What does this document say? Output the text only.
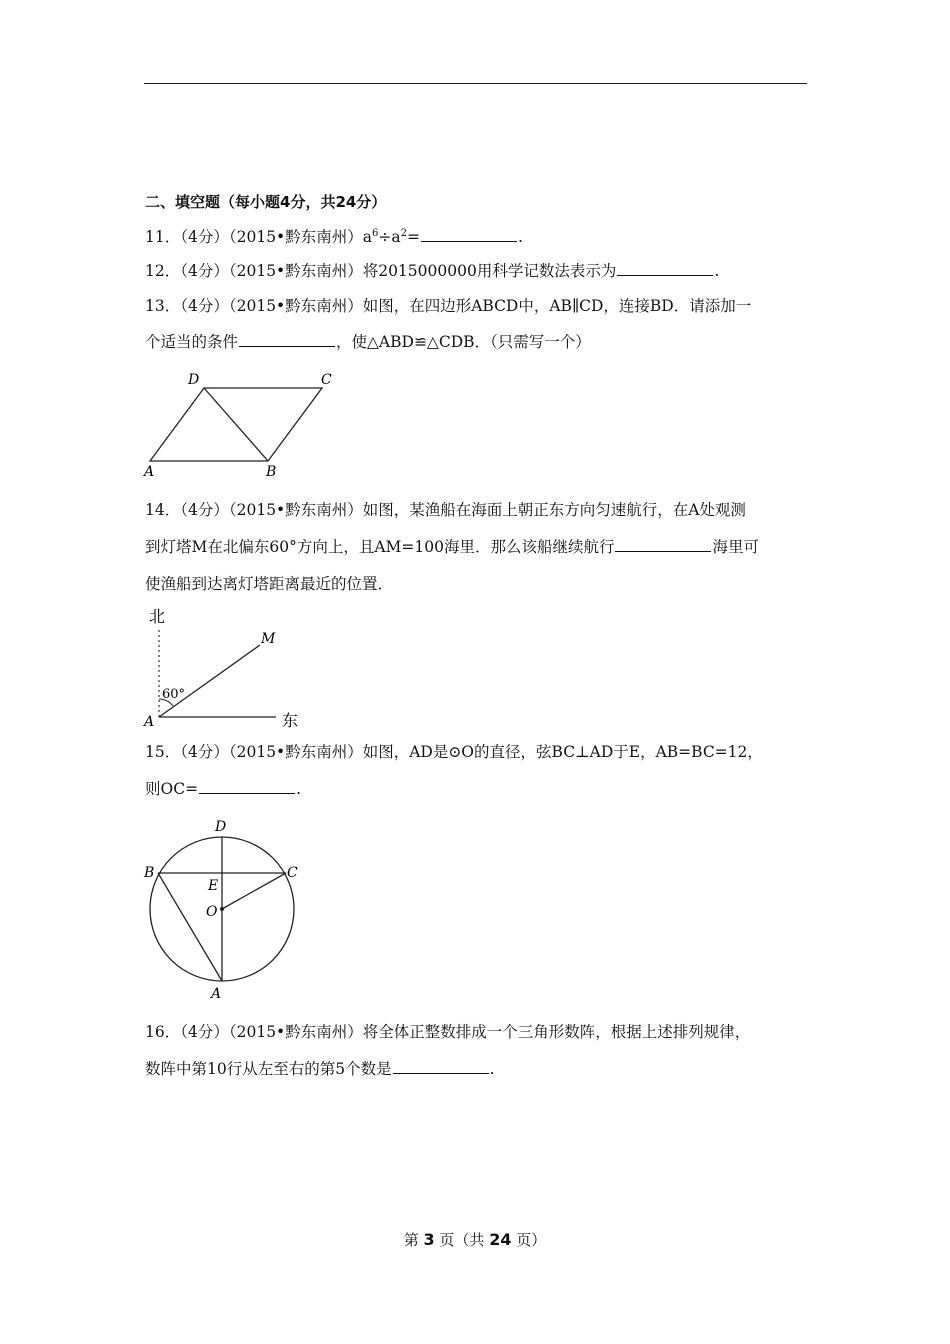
二、填空题（每小题4分，共24分）
11．（4分）（2015•黔东南州）$a^6\div a^2=$	.
12．（4分）（2015•黔东南州）将2015000000用科学记数法表示为	.
13．（4分）（2015•黔东南州）如图，在四边形ABCD中，AB∥CD，连接BD．请添加一
个适当的条件	，使△ABD≌△CDB．（只需写一个）
D	C
A	B
14．（4分）（2015•黔东南州）如图，某渔船在海面上朝正东方向匀速航行，在A处观测
到灯塔M在北偏东60°方向上，且AM=100海里．那么该船继续航行	海里可
使渔船到达离灯塔距离最近的位置．
北
M
60°
A	东
15．（4分）（2015•黔东南州）如图，AD是⊙O的直径，弦BC⊥AD于E，AB=BC=12，
则OC=	.
D
B	C
E
O
A
16．（4分）（2015•黔东南州）将全体正整数排成一个三角形数阵，根据上述排列规律，
数阵中第10行从左至右的第5个数是	.
第 3 页（共 24 页）
